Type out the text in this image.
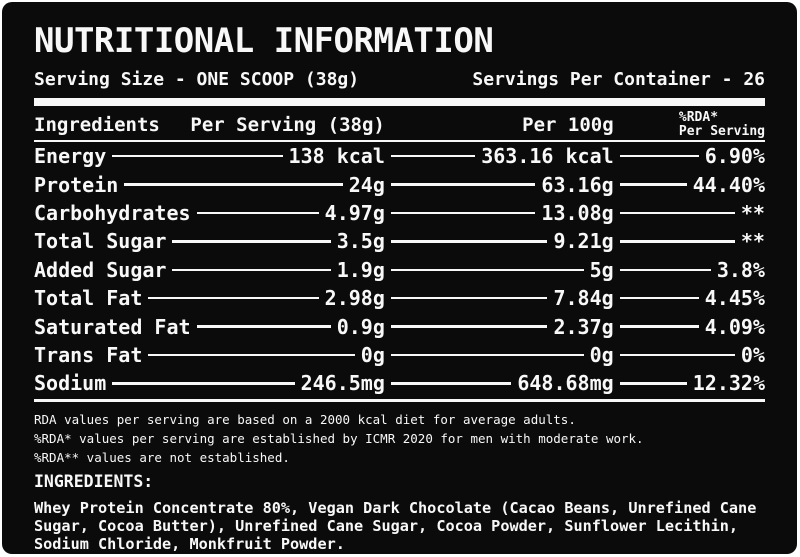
NUTRITIONAL INFORMATION
Serving Size - ONE SCOOP (38g)	Servings Per Container - 26
Ingredients Per Serving (38g)	Per 100g	%RDA*
Per Serving
Energy	138 kcal	363.16 kcal	6.90%
Protein	24g	63.16g	44.40%
Carbohydrates	4.97g	13.08g	**
Total Sugar	3.5g	9.21g	**
Added Sugar	1.9g	5g	3.8%
Total Fat	2.98g	7.84g	4.45%
Saturated Fat	0.9g	2.37g	4.09%
Trans Fat	0g	0g	0%
Sodium	246.5mg	648.68mg	12.32%
RDA values per serving are based on a 2000 kcal diet for average adults.
%RDA* values per serving are established by ICMR 2020 for men with moderate work.
%RDA** values are not established.
INGREDIENTS:
Whey Protein Concentrate 80%, Vegan Dark Chocolate (Cacao Beans, Unrefined Cane Sugar, Cocoa Butter), Unrefined Cane Sugar, Cocoa Powder, Sunflower Lecithin, Sodium Chloride, Monkfruit Powder.
